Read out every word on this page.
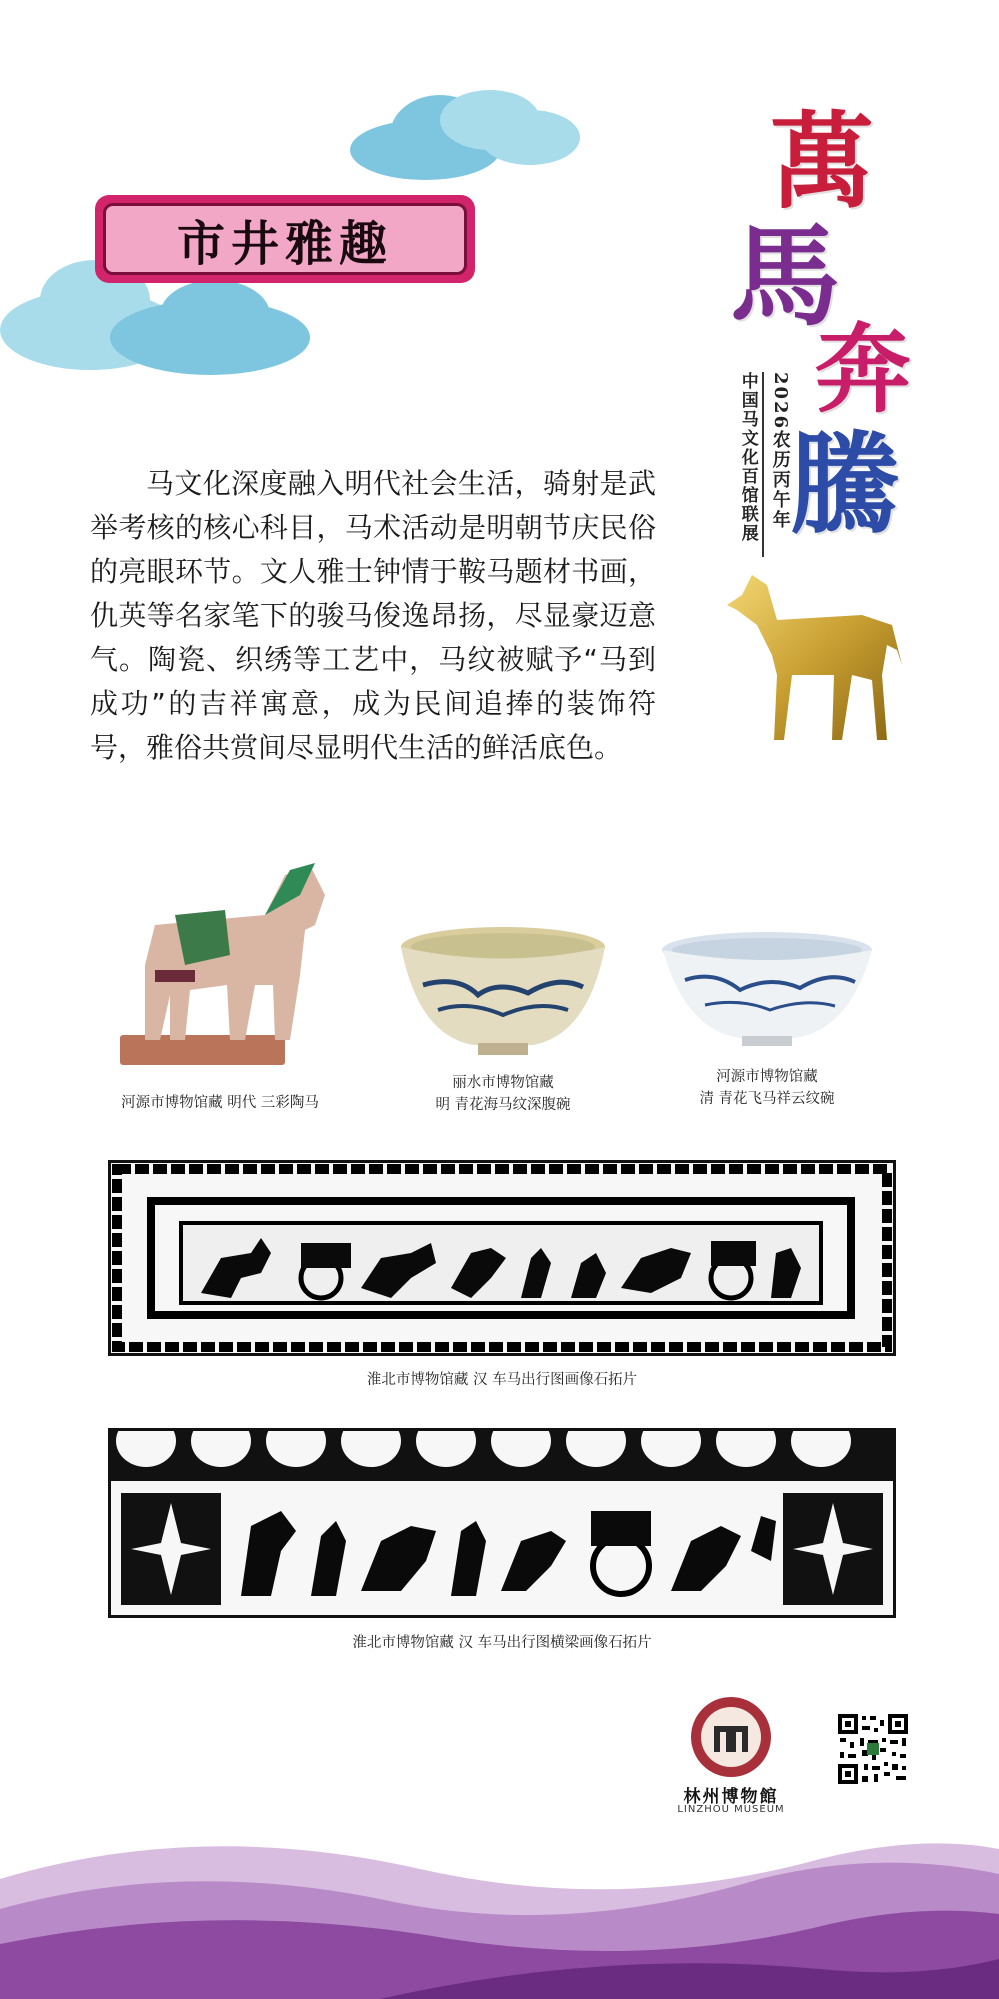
市井雅趣
萬
馬
奔
騰
2026农历丙午年
中国马文化百馆联展
马文化深度融入明代社会生活，骑射是武举考核的核心科目，马术活动是明朝节庆民俗的亮眼环节。文人雅士钟情于鞍马题材书画，仇英等名家笔下的骏马俊逸昂扬，尽显豪迈意气。陶瓷、织绣等工艺中，马纹被赋予“马到成功”的吉祥寓意，成为民间追捧的装饰符号，雅俗共赏间尽显明代生活的鲜活底色。
河源市博物馆藏 明代 三彩陶马
丽水市博物馆藏
明 青花海马纹深腹碗
河源市博物馆藏
清 青花飞马祥云纹碗
淮北市博物馆藏 汉 车马出行图画像石拓片
淮北市博物馆藏 汉 车马出行图横梁画像石拓片
林州博物館
LINZHOU MUSEUM
